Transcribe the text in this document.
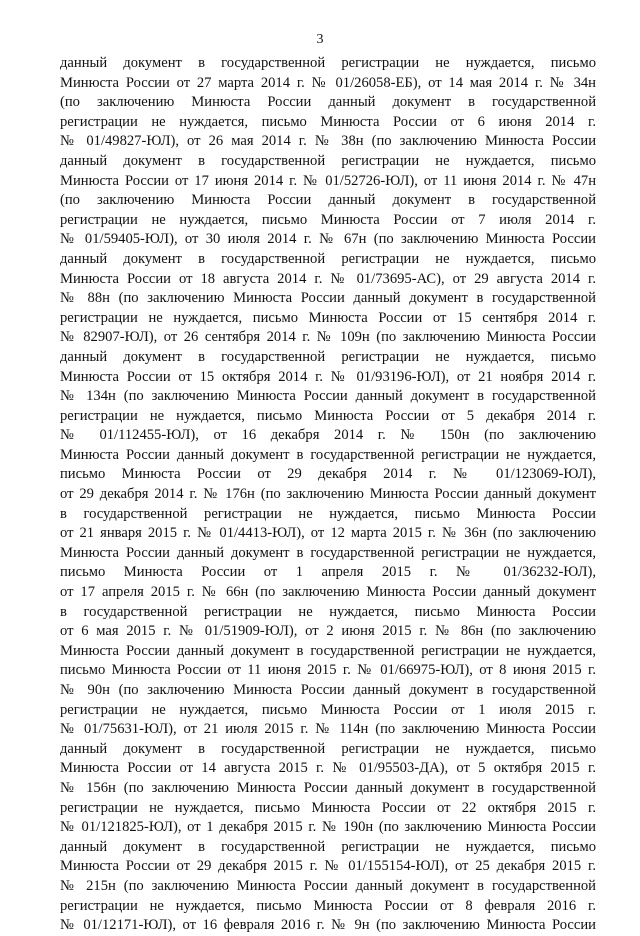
3
данный документ в государственной регистрации не нуждается, письмо
Минюста России от 27 марта 2014 г. № 01/26058-ЕБ), от 14 мая 2014 г. № 34н
(по заключению Минюста России данный документ в государственной
регистрации не нуждается, письмо Минюста России от 6 июня 2014 г.
№ 01/49827-ЮЛ), от 26 мая 2014 г. № 38н (по заключению Минюста России
данный документ в государственной регистрации не нуждается, письмо
Минюста России от 17 июня 2014 г. № 01/52726-ЮЛ), от 11 июня 2014 г. № 47н
(по заключению Минюста России данный документ в государственной
регистрации не нуждается, письмо Минюста России от 7 июля 2014 г.
№ 01/59405-ЮЛ), от 30 июля 2014 г. № 67н (по заключению Минюста России
данный документ в государственной регистрации не нуждается, письмо
Минюста России от 18 августа 2014 г. № 01/73695-АС), от 29 августа 2014 г.
№ 88н (по заключению Минюста России данный документ в государственной
регистрации не нуждается, письмо Минюста России от 15 сентября 2014 г.
№ 82907-ЮЛ), от 26 сентября 2014 г. № 109н (по заключению Минюста России
данный документ в государственной регистрации не нуждается, письмо
Минюста России от 15 октября 2014 г. № 01/93196-ЮЛ), от 21 ноября 2014 г.
№ 134н (по заключению Минюста России данный документ в государственной
регистрации не нуждается, письмо Минюста России от 5 декабря 2014 г.
№ 01/112455-ЮЛ), от 16 декабря 2014 г. № 150н (по заключению
Минюста России данный документ в государственной регистрации не нуждается,
письмо Минюста России от 29 декабря 2014 г. № 01/123069-ЮЛ),
от 29 декабря 2014 г. № 176н (по заключению Минюста России данный документ
в государственной регистрации не нуждается, письмо Минюста России
от 21 января 2015 г. № 01/4413-ЮЛ), от 12 марта 2015 г. № 36н (по заключению
Минюста России данный документ в государственной регистрации не нуждается,
письмо Минюста России от 1 апреля 2015 г. № 01/36232-ЮЛ),
от 17 апреля 2015 г. № 66н (по заключению Минюста России данный документ
в государственной регистрации не нуждается, письмо Минюста России
от 6 мая 2015 г. № 01/51909-ЮЛ), от 2 июня 2015 г. № 86н (по заключению
Минюста России данный документ в государственной регистрации не нуждается,
письмо Минюста России от 11 июня 2015 г. № 01/66975-ЮЛ), от 8 июня 2015 г.
№ 90н (по заключению Минюста России данный документ в государственной
регистрации не нуждается, письмо Минюста России от 1 июля 2015 г.
№ 01/75631-ЮЛ), от 21 июля 2015 г. № 114н (по заключению Минюста России
данный документ в государственной регистрации не нуждается, письмо
Минюста России от 14 августа 2015 г. № 01/95503-ДА), от 5 октября 2015 г.
№ 156н (по заключению Минюста России данный документ в государственной
регистрации не нуждается, письмо Минюста России от 22 октября 2015 г.
№ 01/121825-ЮЛ), от 1 декабря 2015 г. № 190н (по заключению Минюста России
данный документ в государственной регистрации не нуждается, письмо
Минюста России от 29 декабря 2015 г. № 01/155154-ЮЛ), от 25 декабря 2015 г.
№ 215н (по заключению Минюста России данный документ в государственной
регистрации не нуждается, письмо Минюста России от 8 февраля 2016 г.
№ 01/12171-ЮЛ), от 16 февраля 2016 г. № 9н (по заключению Минюста России
